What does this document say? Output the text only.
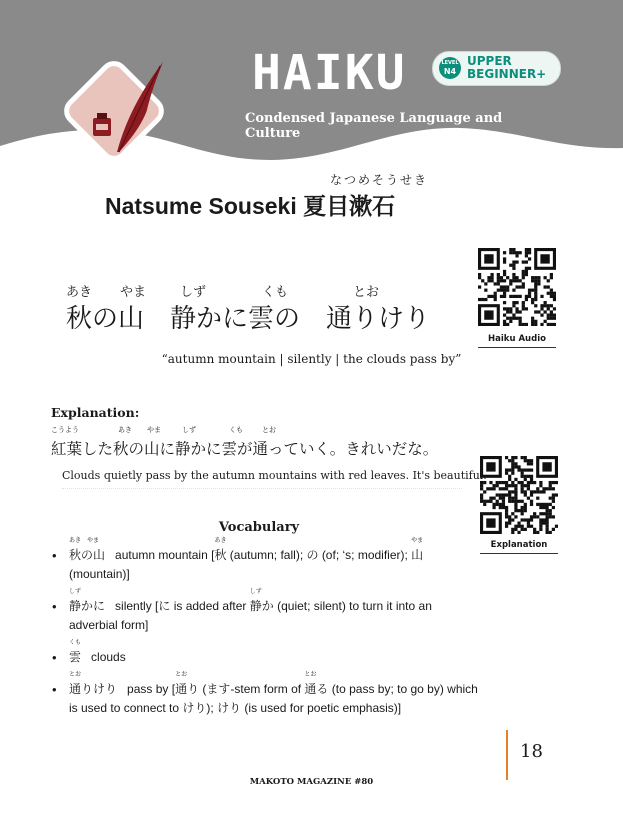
HAIKU
Condensed Japanese Language and Culture
LEVEL
N4
UPPER
BEGINNER+
なつめそうせき
Natsume Souseki 夏目漱石
あき やま	しず	くも	とお
秋の山　静かに雲の　通りけり
“autumn mountain | silently | the clouds pass by”
Haiku Audio
Explanation
Explanation:
こうよう	あき やま	しず	くも	とお
紅葉した秋の山に静かに雲が通っていく。きれいだな。
Clouds quietly pass by the autumn mountains with red leaves. It's beautiful.
Vocabulary
• あき　やま
秋の山 autumn mountain [
あき
秋 (autumn; fall); の (of; ‘s; modifier);
やま
山 (mountain)]
• しず
静かに silently [に is added after
しず
静か (quiet; silent) to turn it into an adverbial form]
• くも
雲 clouds
• とお
通りけり pass by [
とお
通り (ます-stem form of
とお
通る (to pass by; to go by) which is used to connect to けり); けり (is used for poetic emphasis)]
18
MAKOTO MAGAZINE #80
